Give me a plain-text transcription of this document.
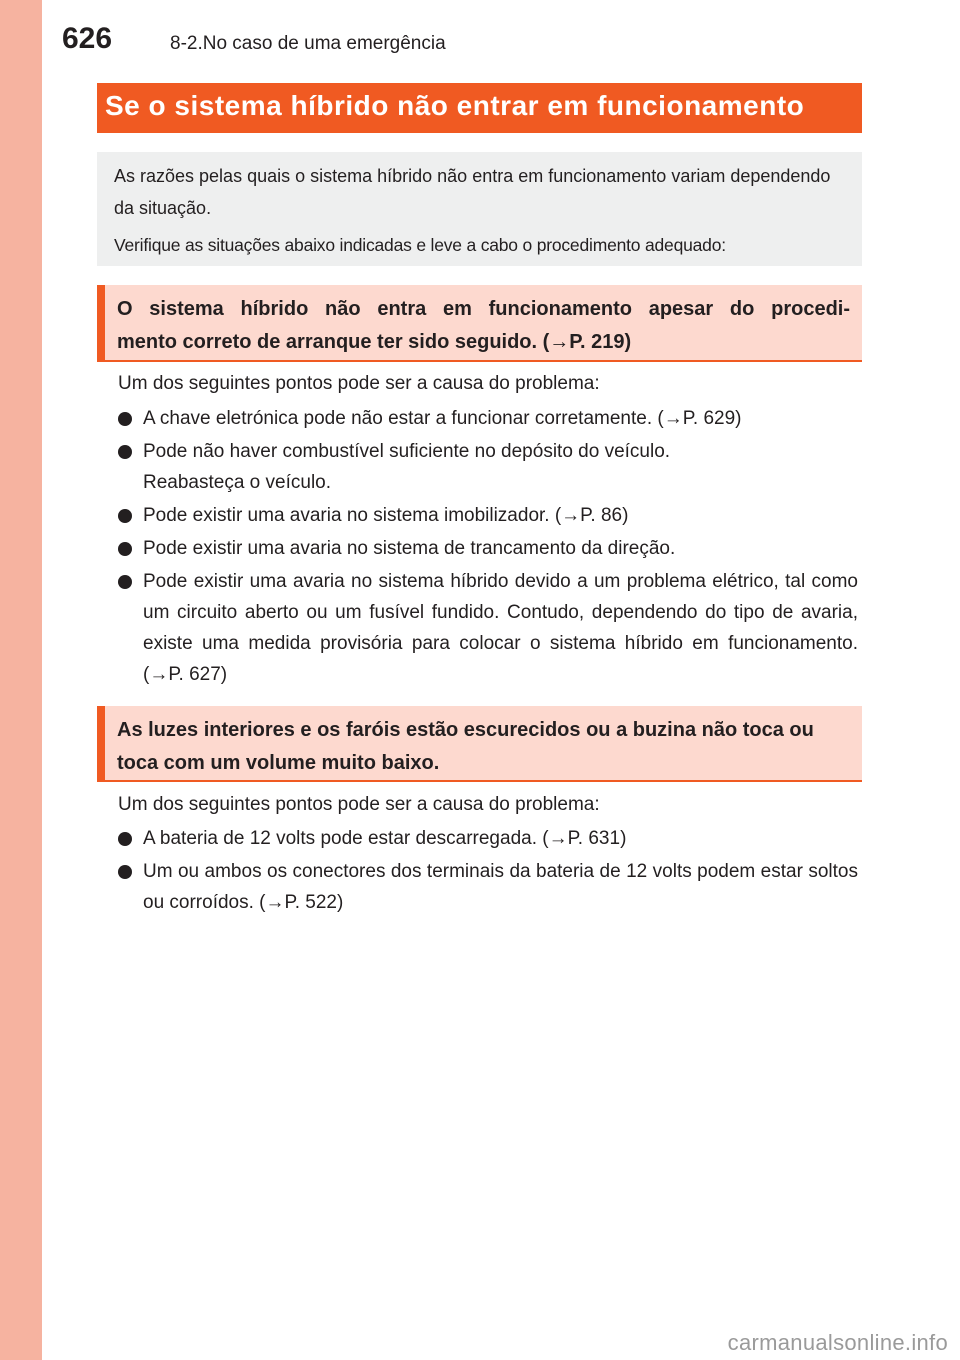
626	8-2.No caso de uma emergência
Se o sistema híbrido não entrar em funcionamento

As razões pelas quais o sistema híbrido não entra em funcionamento variam dependendo da situação.

Verifique as situações abaixo indicadas e leve a cabo o procedimento adequado:

O sistema híbrido não entra em funcionamento apesar do procedi-
mento correto de arranque ter sido seguido. (→P. 219)
Um dos seguintes pontos pode ser a causa do problema:
A chave eletrónica pode não estar a funcionar corretamente. (→P. 629)
Pode não haver combustível suficiente no depósito do veículo.
Reabasteça o veículo.
Pode existir uma avaria no sistema imobilizador. (→P. 86)
Pode existir uma avaria no sistema de trancamento da direção.
Pode existir uma avaria no sistema híbrido devido a um problema elétrico, tal como um circuito aberto ou um fusível fundido. Contudo, dependendo do tipo de avaria, existe uma medida provisória para colocar o sistema híbrido em funcionamento. (→P. 627)
As luzes interiores e os faróis estão escurecidos ou a buzina não toca ou toca com um volume muito baixo.
Um dos seguintes pontos pode ser a causa do problema:
A bateria de 12 volts pode estar descarregada. (→P. 631)
Um ou ambos os conectores dos terminais da bateria de 12 volts podem estar soltos ou corroídos. (→P. 522)
carmanualsonline.info
